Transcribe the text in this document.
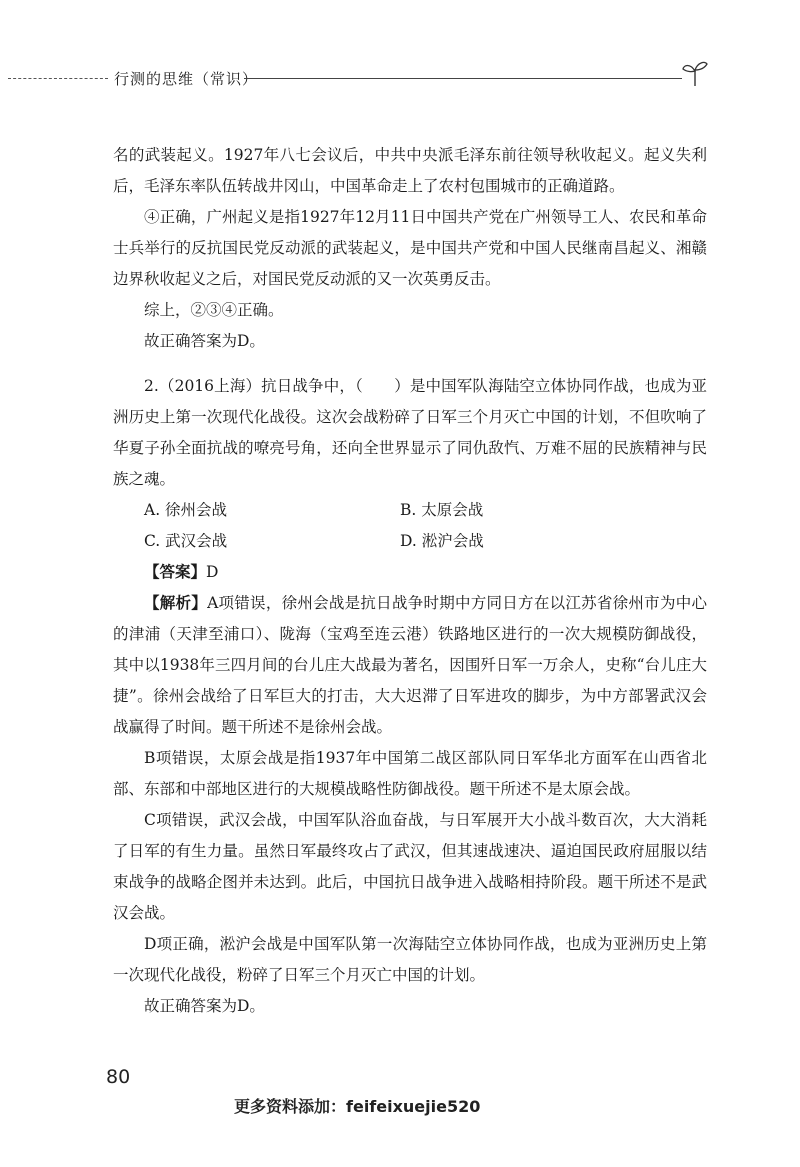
行测的思维（常识）

名的武装起义。1927年八七会议后，中共中央派毛泽东前往领导秋收起义。起义失利后，毛泽东率队伍转战井冈山，中国革命走上了农村包围城市的正确道路。

④正确，广州起义是指1927年12月11日中国共产党在广州领导工人、农民和革命士兵举行的反抗国民党反动派的武装起义，是中国共产党和中国人民继南昌起义、湘赣边界秋收起义之后，对国民党反动派的又一次英勇反击。

综上，②③④正确。

故正确答案为D。

2.（2016上海）抗日战争中，（　　）是中国军队海陆空立体协同作战，也成为亚洲历史上第一次现代化战役。这次会战粉碎了日军三个月灭亡中国的计划，不但吹响了华夏子孙全面抗战的嘹亮号角，还向全世界显示了同仇敌忾、万难不屈的民族精神与民族之魂。

A. 徐州会战	B. 太原会战

C. 武汉会战	D. 淞沪会战

【答案】D

【解析】A项错误，徐州会战是抗日战争时期中方同日方在以江苏省徐州市为中心的津浦（天津至浦口）、陇海（宝鸡至连云港）铁路地区进行的一次大规模防御战役，其中以1938年三四月间的台儿庄大战最为著名，因围歼日军一万余人，史称“台儿庄大捷”。徐州会战给了日军巨大的打击，大大迟滞了日军进攻的脚步，为中方部署武汉会战赢得了时间。题干所述不是徐州会战。

B项错误，太原会战是指1937年中国第二战区部队同日军华北方面军在山西省北部、东部和中部地区进行的大规模战略性防御战役。题干所述不是太原会战。

C项错误，武汉会战，中国军队浴血奋战，与日军展开大小战斗数百次，大大消耗了日军的有生力量。虽然日军最终攻占了武汉，但其速战速决、逼迫国民政府屈服以结束战争的战略企图并未达到。此后，中国抗日战争进入战略相持阶段。题干所述不是武汉会战。

D项正确，淞沪会战是中国军队第一次海陆空立体协同作战，也成为亚洲历史上第一次现代化战役，粉碎了日军三个月灭亡中国的计划。

故正确答案为D。

80
更多资料添加：feifeixuejie520
